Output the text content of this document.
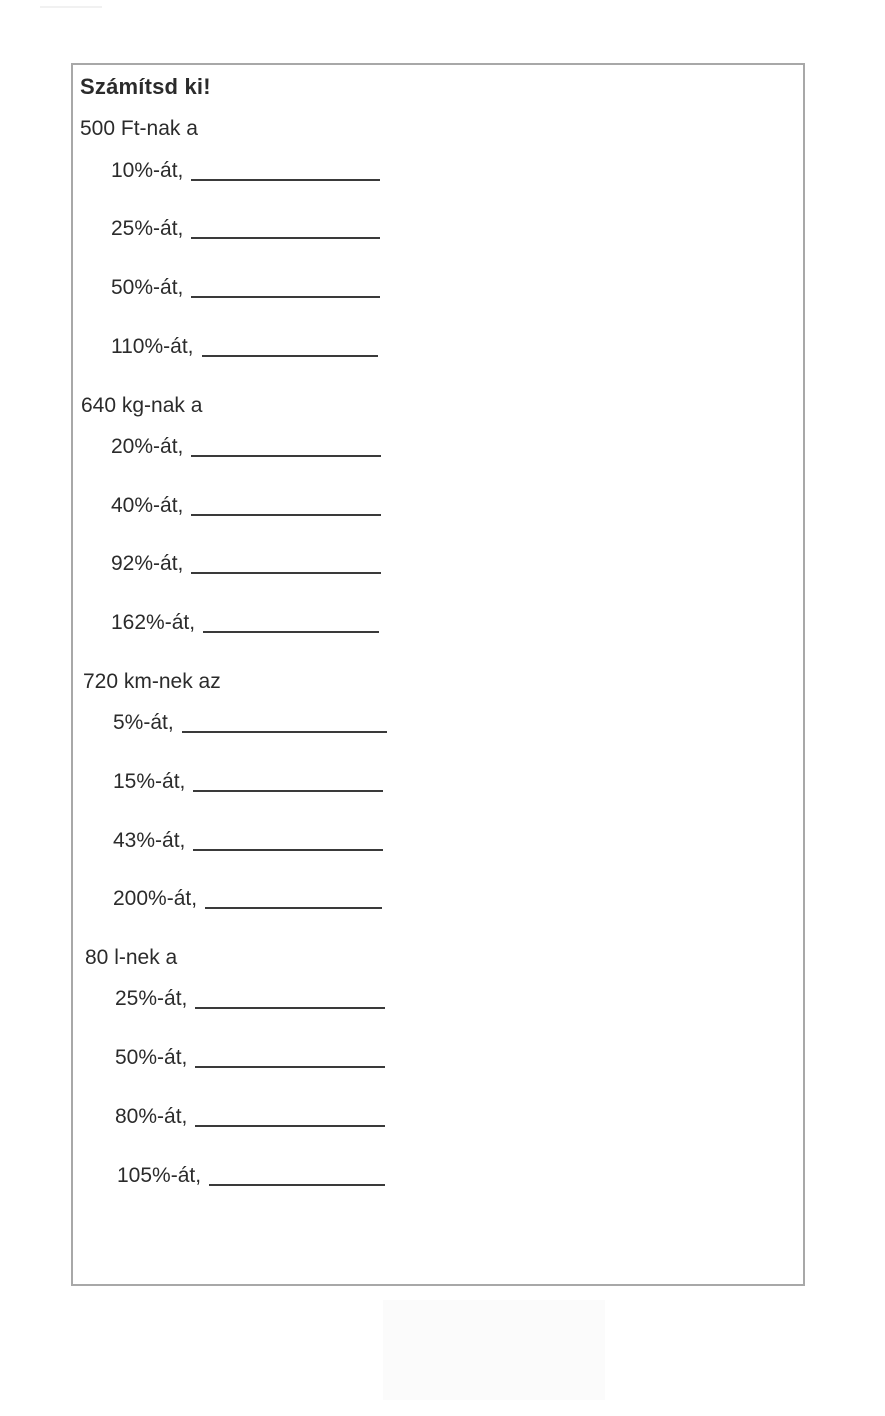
Számítsd ki!
500 Ft-nak a
10%-át,
25%-át,
50%-át,
110%-át,
640 kg-nak a
20%-át,
40%-át,
92%-át,
162%-át,
720 km-nek az
5%-át,
15%-át,
43%-át,
200%-át,
80 l-nek a
25%-át,
50%-át,
80%-át,
105%-át,
